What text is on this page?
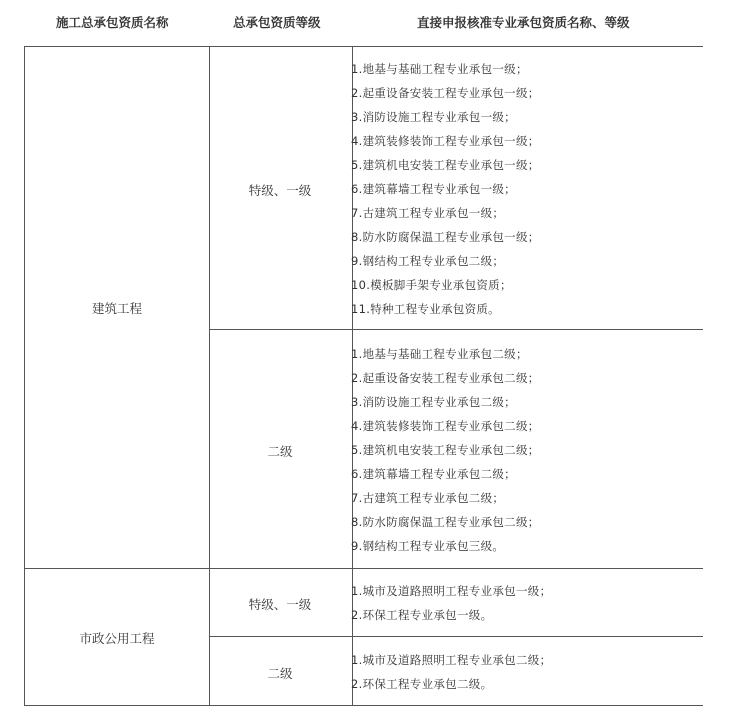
施工总承包资质名称	总承包资质等级	直接申报核准专业承包资质名称、等级
建筑工程
特级、一级
1.地基与基础工程专业承包一级；
2.起重设备安装工程专业承包一级；
3.消防设施工程专业承包一级；
4.建筑装修装饰工程专业承包一级；
5.建筑机电安装工程专业承包一级；
6.建筑幕墙工程专业承包一级；
7.古建筑工程专业承包一级；
8.防水防腐保温工程专业承包一级；
9.钢结构工程专业承包二级；
10.模板脚手架专业承包资质；
11.特种工程专业承包资质。
二级
1.地基与基础工程专业承包二级；
2.起重设备安装工程专业承包二级；
3.消防设施工程专业承包二级；
4.建筑装修装饰工程专业承包二级；
5.建筑机电安装工程专业承包二级；
6.建筑幕墙工程专业承包二级；
7.古建筑工程专业承包二级；
8.防水防腐保温工程专业承包二级；
9.钢结构工程专业承包三级。
市政公用工程
特级、一级
1.城市及道路照明工程专业承包一级；
2.环保工程专业承包一级。
二级
1.城市及道路照明工程专业承包二级；
2.环保工程专业承包二级。
